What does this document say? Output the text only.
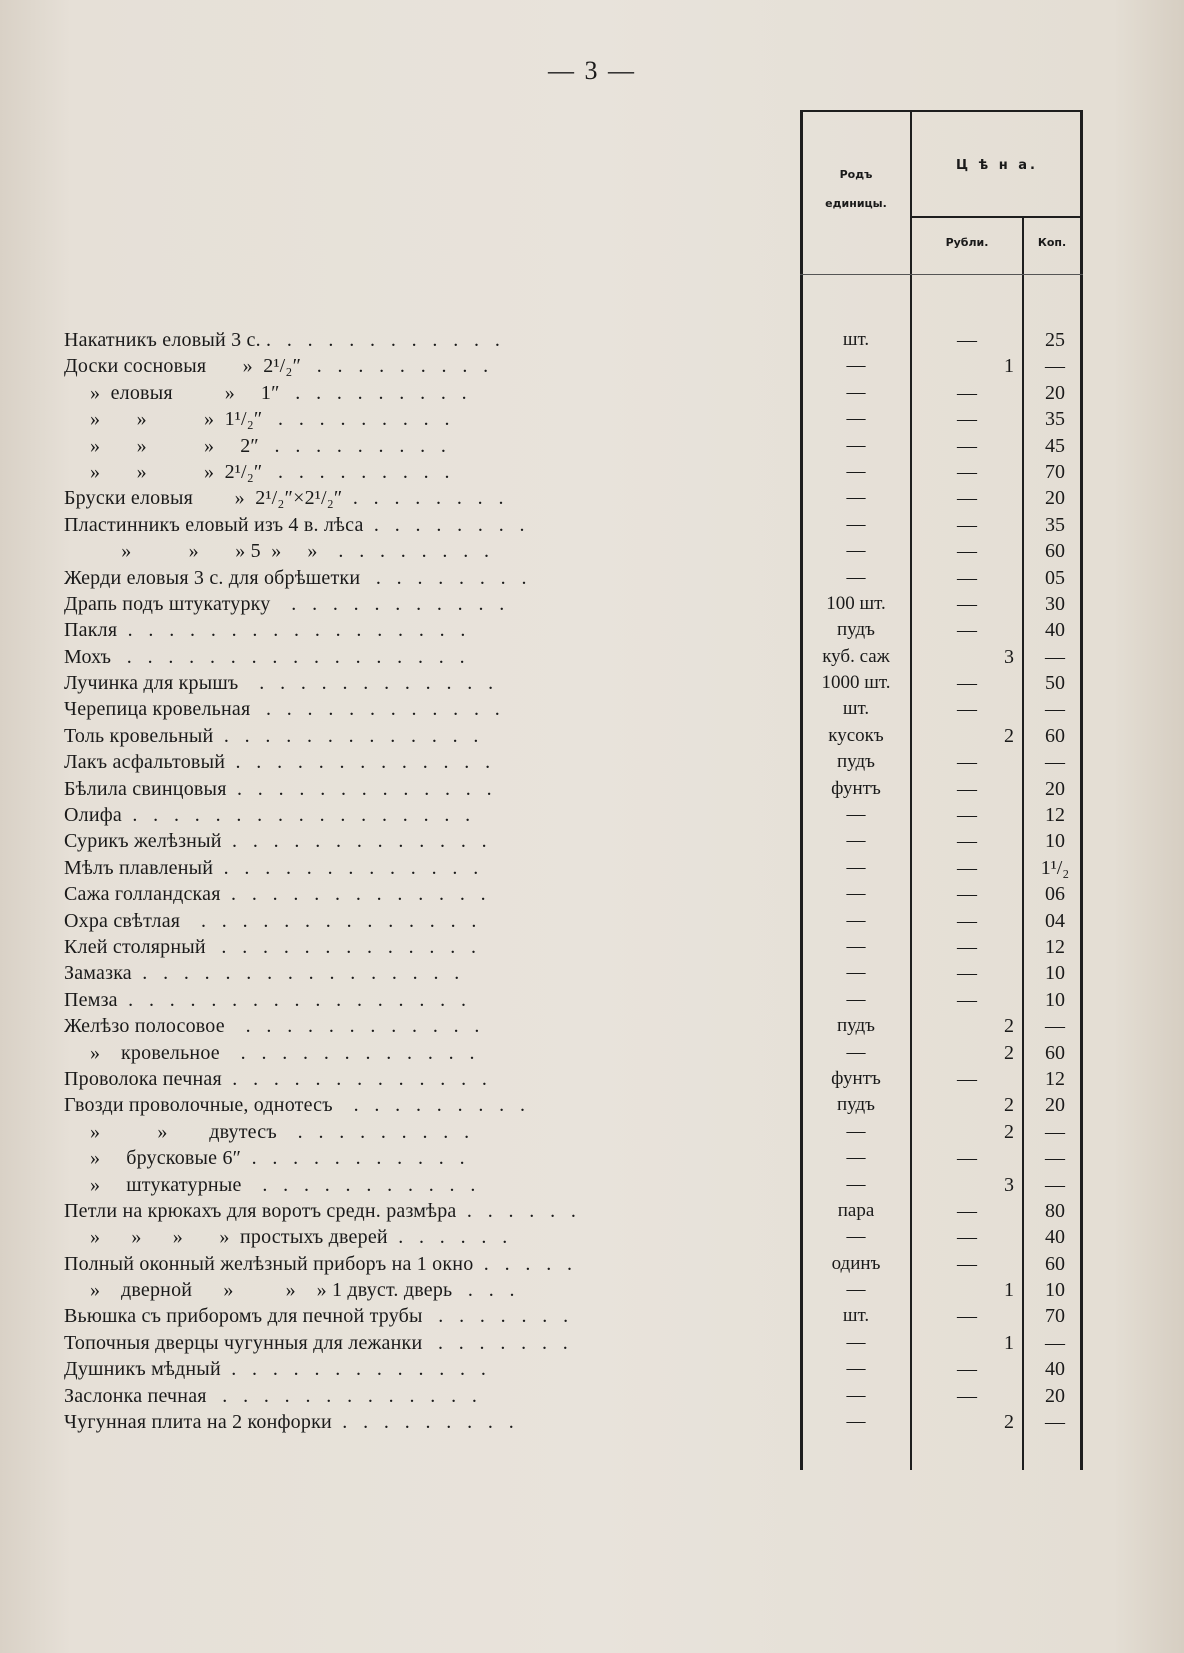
— 3 —
Родъ
единицы.
Ц ѣ н а.
Рубли.	Коп.
Накатникъ еловый 3 с. .   .   .   .   .   .   .   .   .   .   .   .	шт.	—	25
Доски сосновыя       »  2¹/₂″   .   .   .   .   .   .   .   .   .	—	1	—
»  еловыя          »     1″   .   .   .   .   .   .   .   .   .	—	—	20
»       »           »  1¹/₂″   .   .   .   .   .   .   .   .   .	—	—	35
»       »           »     2″   .   .   .   .   .   .   .   .   .	—	—	45
»       »           »  2¹/₂″   .   .   .   .   .   .   .   .   .	—	—	70
Бруски еловыя        »  2¹/₂″×2¹/₂″  .   .   .   .   .   .   .   .	—	—	20
Пластинникъ еловый изъ 4 в. лѣса  .   .   .   .   .   .   .   .	—	—	35
»           »       » 5  »     »    .   .   .   .   .   .   .   .	—	—	60
Жерди еловыя 3 с. для обрѣшетки   .   .   .   .   .   .   .   .	—	—	05
Драпь подъ штукатурку    .   .   .   .   .   .   .   .   .   .   .	100 шт.	—	30
Пакля  .   .   .   .   .   .   .   .   .   .   .   .   .   .   .   .   .	пудъ	—	40
Мохъ   .   .   .   .   .   .   .   .   .   .   .   .   .   .   .   .   .	куб. саж	3	—
Лучинка для крышъ    .   .   .   .   .   .   .   .   .   .   .   .	1000 шт.	—	50
Черепица кровельная   .   .   .   .   .   .   .   .   .   .   .   .	шт.	—	—
Толь кровельный  .   .   .   .   .   .   .   .   .   .   .   .   .	кусокъ	2	60
Лакъ асфальтовый  .   .   .   .   .   .   .   .   .   .   .   .   .	пудъ	—	—
Бѣлила свинцовыя  .   .   .   .   .   .   .   .   .   .   .   .   .	фунтъ	—	20
Олифа  .   .   .   .   .   .   .   .   .   .   .   .   .   .   .   .   .	—	—	12
Сурикъ желѣзный  .   .   .   .   .   .   .   .   .   .   .   .   .	—	—	10
Мѣлъ плавленый  .   .   .   .   .   .   .   .   .   .   .   .   .	—	—	1¹/₂
Сажа голландская  .   .   .   .   .   .   .   .   .   .   .   .   .	—	—	06
Охра свѣтлая    .   .   .   .   .   .   .   .   .   .   .   .   .   .	—	—	04
Клей столярный   .   .   .   .   .   .   .   .   .   .   .   .   .	—	—	12
Замазка  .   .   .   .   .   .   .   .   .   .   .   .   .   .   .   .	—	—	10
Пемза  .   .   .   .   .   .   .   .   .   .   .   .   .   .   .   .   .	—	—	10
Желѣзо полосовое    .   .   .   .   .   .   .   .   .   .   .   .	пудъ	2	—
»    кровельное    .   .   .   .   .   .   .   .   .   .   .   .	—	2	60
Проволока печная  .   .   .   .   .   .   .   .   .   .   .   .   .	фунтъ	—	12
Гвозди проволочные, однотесъ    .   .   .   .   .   .   .   .   .	пудъ	2	20
»           »        двутесъ    .   .   .   .   .   .   .   .   .	—	2	—
»     брусковые 6″  .   .   .   .   .   .   .   .   .   .   .	—	—	—
»     штукатурные    .   .   .   .   .   .   .   .   .   .   .	—	3	—
Петли на крюкахъ для воротъ средн. размѣра  .   .   .   .   .   .	пара	—	80
»      »      »       »  простыхъ дверей  .   .   .   .   .   .	—	—	40
Полный оконный желѣзный приборъ на 1 окно  .   .   .   .   .	одинъ	—	60
»    дверной      »          »    » 1 двуст. дверь   .   .   .	—	1	10
Вьюшка съ приборомъ для печной трубы   .   .   .   .   .   .   .	шт.	—	70
Топочныя дверцы чугунныя для лежанки   .   .   .   .   .   .   .	—	1	—
Душникъ мѣдный  .   .   .   .   .   .   .   .   .   .   .   .   .	—	—	40
Заслонка печная   .   .   .   .   .   .   .   .   .   .   .   .   .	—	—	20
Чугунная плита на 2 конфорки  .   .   .   .   .   .   .   .   .	—	2	—
